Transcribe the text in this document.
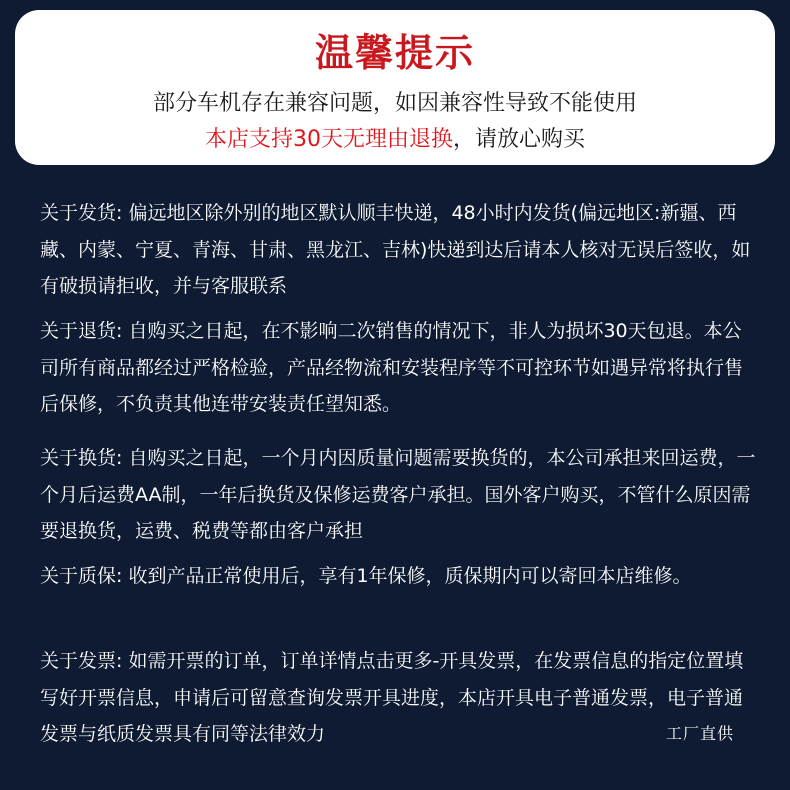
温馨提示
部分车机存在兼容问题，如因兼容性导致不能使用
本店支持30天无理由退换，请放心购买
关于发货: 偏远地区除外别的地区默认顺丰快递，48小时内发货(偏远地区:新疆、西藏、内蒙、宁夏、青海、甘肃、黑龙江、吉林)快递到达后请本人核对无误后签收，如有破损请拒收，并与客服联系
关于退货: 自购买之日起，在不影响二次销售的情况下，非人为损坏30天包退。本公司所有商品都经过严格检验，产品经物流和安装程序等不可控环节如遇异常将执行售后保修，不负责其他连带安装责任望知悉。
关于换货: 自购买之日起，一个月内因质量问题需要换货的，本公司承担来回运费，一个月后运费AA制，一年后换货及保修运费客户承担。国外客户购买，不管什么原因需要退换货，运费、税费等都由客户承担
关于质保: 收到产品正常使用后，享有1年保修，质保期内可以寄回本店维修。
关于发票: 如需开票的订单，订单详情点击更多-开具发票，在发票信息的指定位置填写好开票信息，申请后可留意查询发票开具进度，本店开具电子普通发票，电子普通发票与纸质发票具有同等法律效力	工厂直供
